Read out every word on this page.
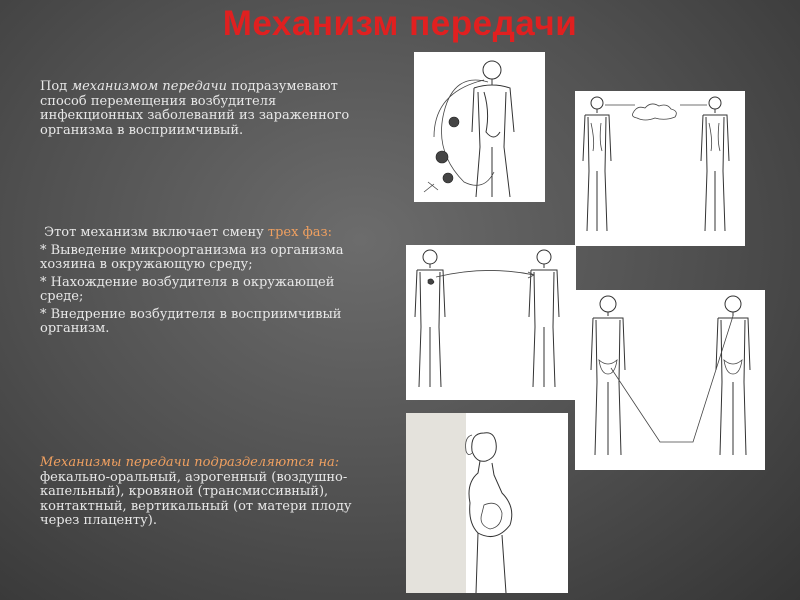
Механизм передачи
Под механизмом передачи подразумевают способ перемещения возбудителя инфекционных заболеваний из зараженного организма в восприимчивый.
Этот механизм включает смену трех фаз:
* Выведение микроорганизма из организма хозяина в окружающую среду;
* Нахождение возбудителя в окружающей среде;
* Внедрение возбудителя в восприимчивый организм.
Механизмы передачи подразделяются на: фекально-оральный, аэрогенный (воздушно-капельный), кровяной (трансмиссивный), контактный, вертикальный (от матери плоду через плаценту).
